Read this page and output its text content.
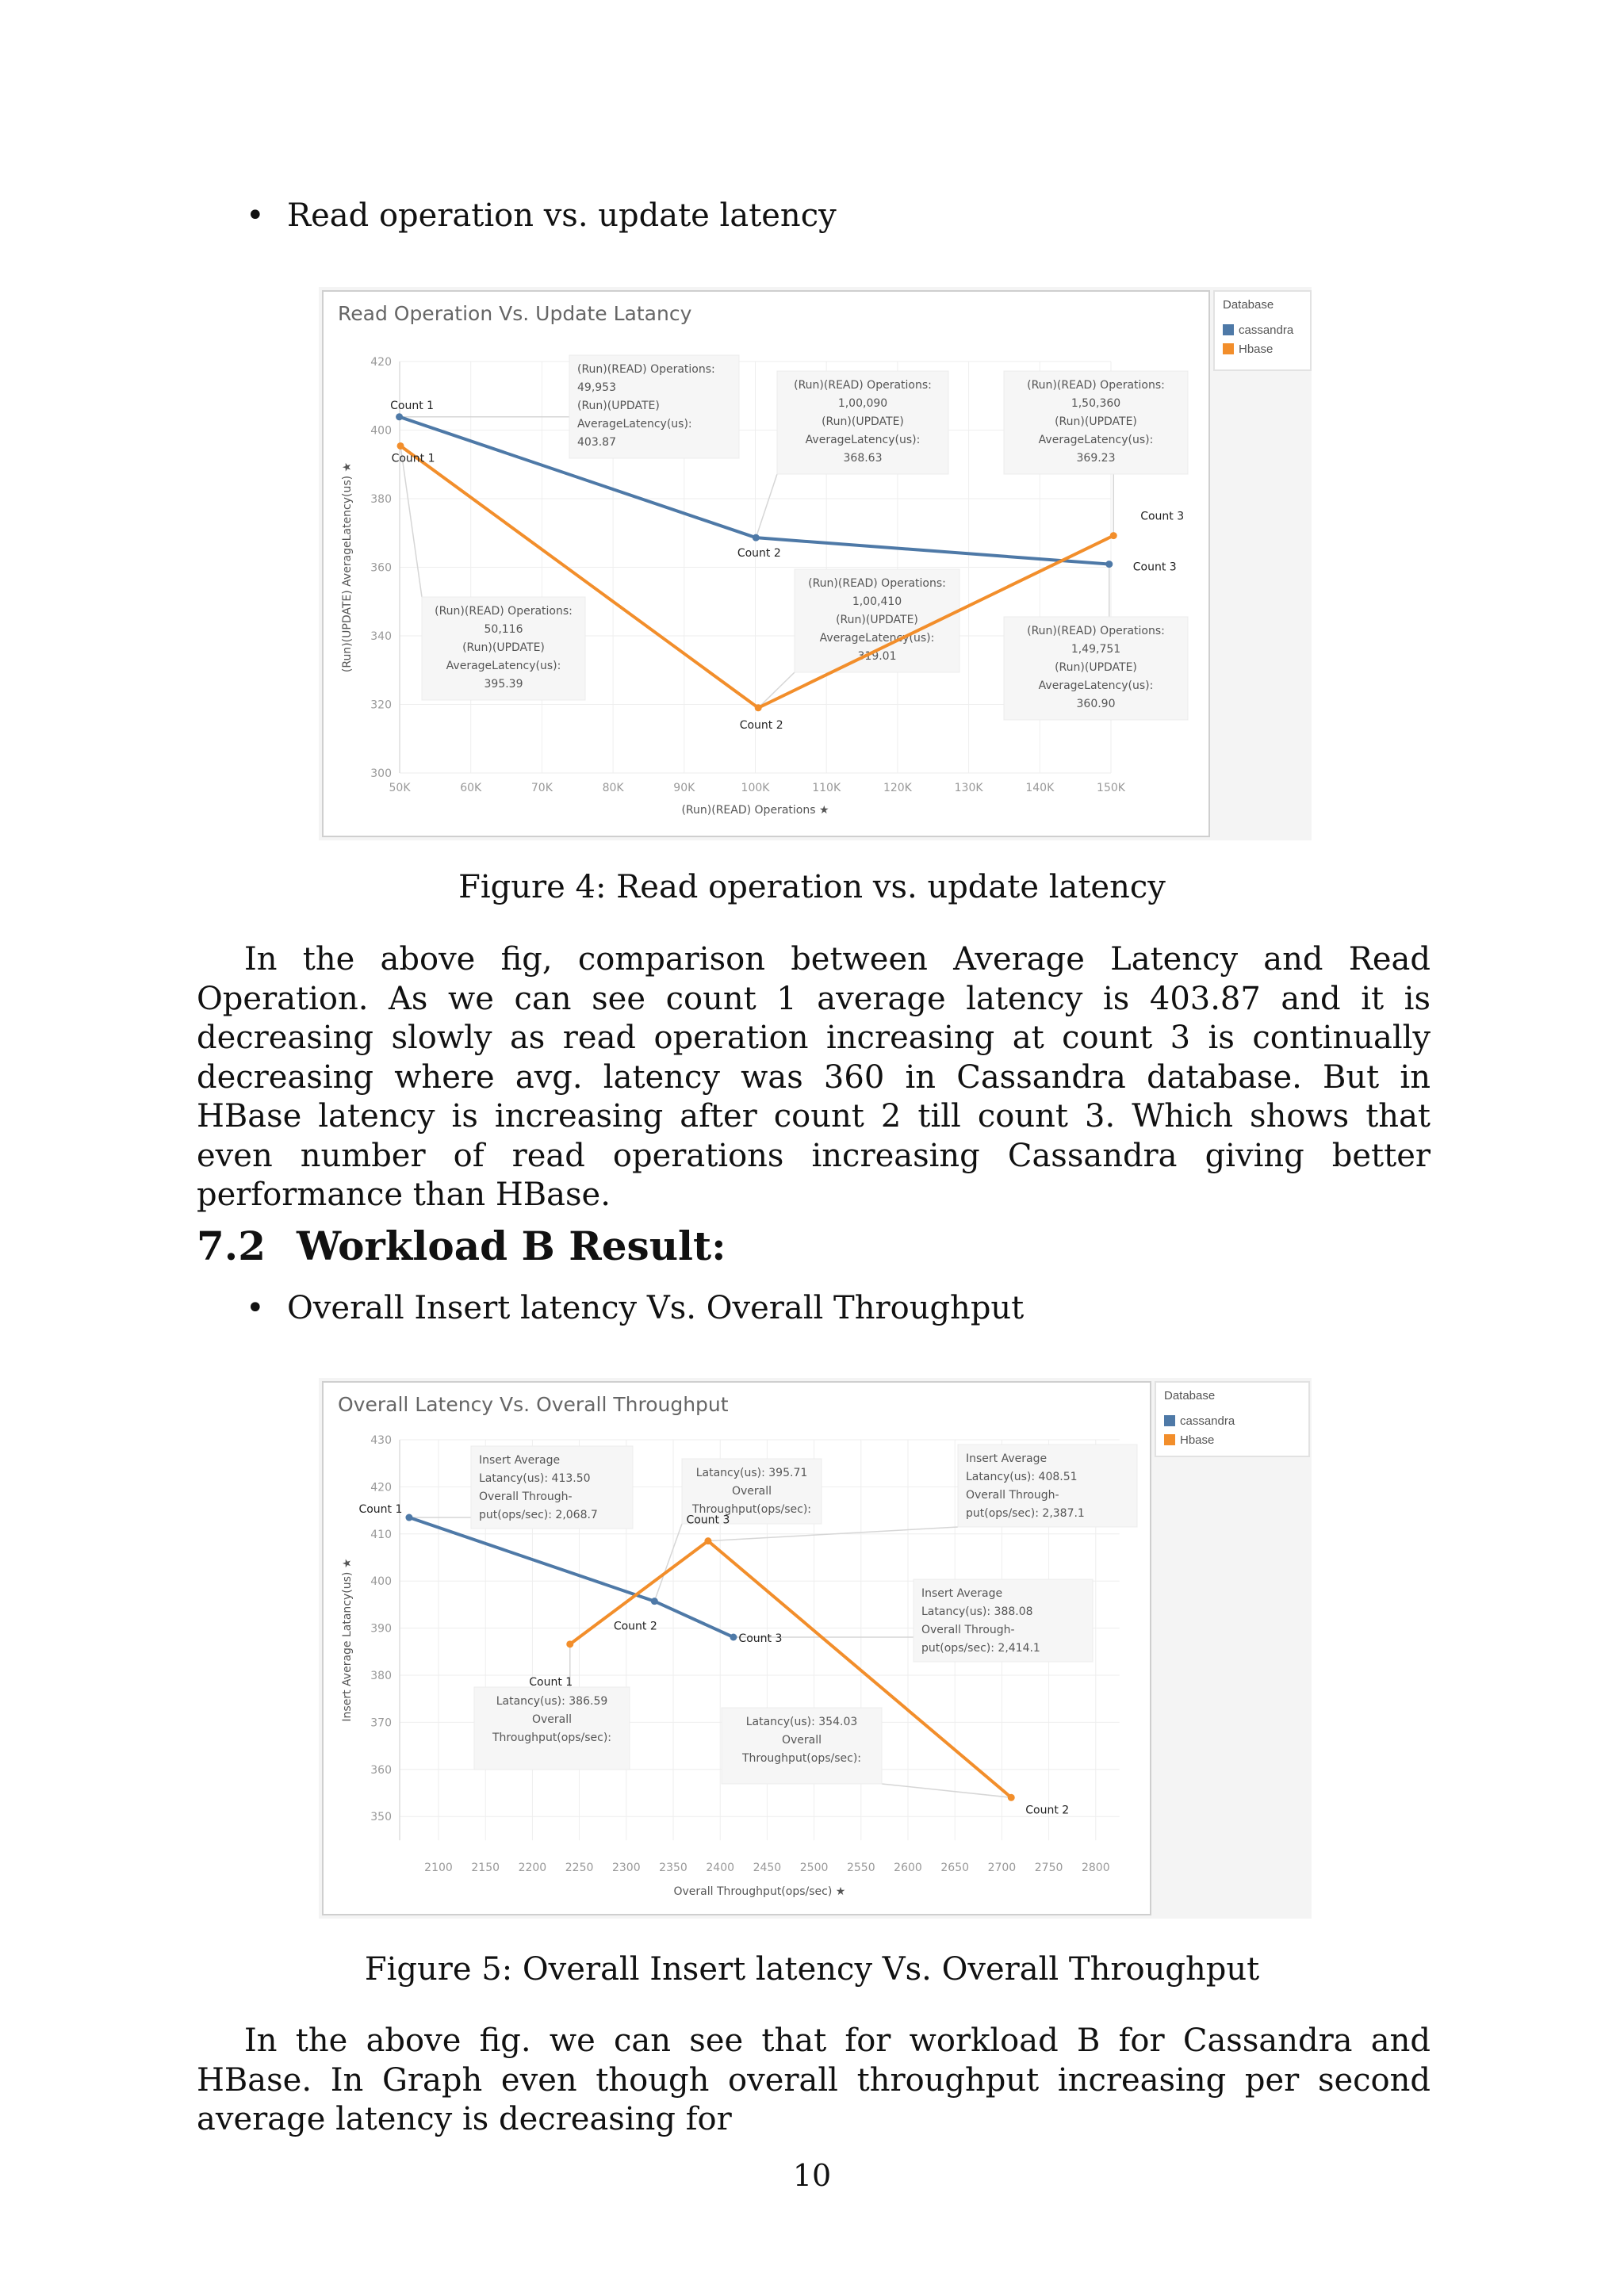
• Read operation vs. update latency
Read Operation Vs. Update Latancy
420
400
380
360
340
320
300
50K	60K	70K	80K	90K	100K	110K	120K	130K	140K	150K
(Run)(READ) Operations ★
(Run)(UPDATE) AverageLatency(us) ★
(Run)(READ) Operations:
49,953
(Run)(UPDATE)
AverageLatency(us):
403.87
(Run)(READ) Operations:
1,00,090
(Run)(UPDATE)
AverageLatency(us):
368.63
(Run)(READ) Operations:
1,50,360
(Run)(UPDATE)
AverageLatency(us):
369.23
(Run)(READ) Operations:
50,116
(Run)(UPDATE)
AverageLatency(us):
395.39
(Run)(READ) Operations:
1,00,410
(Run)(UPDATE)
AverageLatency(us):
319.01
(Run)(READ) Operations:
1,49,751
(Run)(UPDATE)
AverageLatency(us):
360.90
Count 1
Count 2
Count 3
Count 1
Count 2
Count 3
Database
cassandra
Hbase
Figure 4: Read operation vs. update latency
In the above fig, comparison between Average Latency and Read Operation. As we can see count 1 average latency is 403.87 and it is decreasing slowly as read operation increasing at count 3 is continually decreasing where avg. latency was 360 in Cassandra database. But in HBase latency is increasing after count 2 till count 3. Which shows that even number of read operations increasing Cassandra giving better performance than HBase.
7.2 Workload B Result:
• Overall Insert latency Vs. Overall Throughput
Overall Latency Vs. Overall Throughput
430
420
410
400
390
380
370
360
350
2100 2150 2200 2250 2300 2350 2400 2450 2500 2550 2600 2650 2700 2750 2800
Overall Throughput(ops/sec) ★
Insert Average Latancy(us) ★
Insert Average
Latancy(us): 413.50
Overall Through-
put(ops/sec): 2,068.7
Latancy(us): 395.71
Overall
Throughput(ops/sec):
Insert Average
Latancy(us): 408.51
Overall Through-
put(ops/sec): 2,387.1
Insert Average
Latancy(us): 388.08
Overall Through-
put(ops/sec): 2,414.1
Latancy(us): 386.59
Overall
Throughput(ops/sec):
Latancy(us): 354.03
Overall
Throughput(ops/sec):
Count 1
Count 2
Count 3
Count 1
Count 3
Count 2
Database
cassandra
Hbase
Figure 5: Overall Insert latency Vs. Overall Throughput
In the above fig. we can see that for workload B for Cassandra and HBase. In Graph even though overall throughput increasing per second average latency is decreasing for
10
